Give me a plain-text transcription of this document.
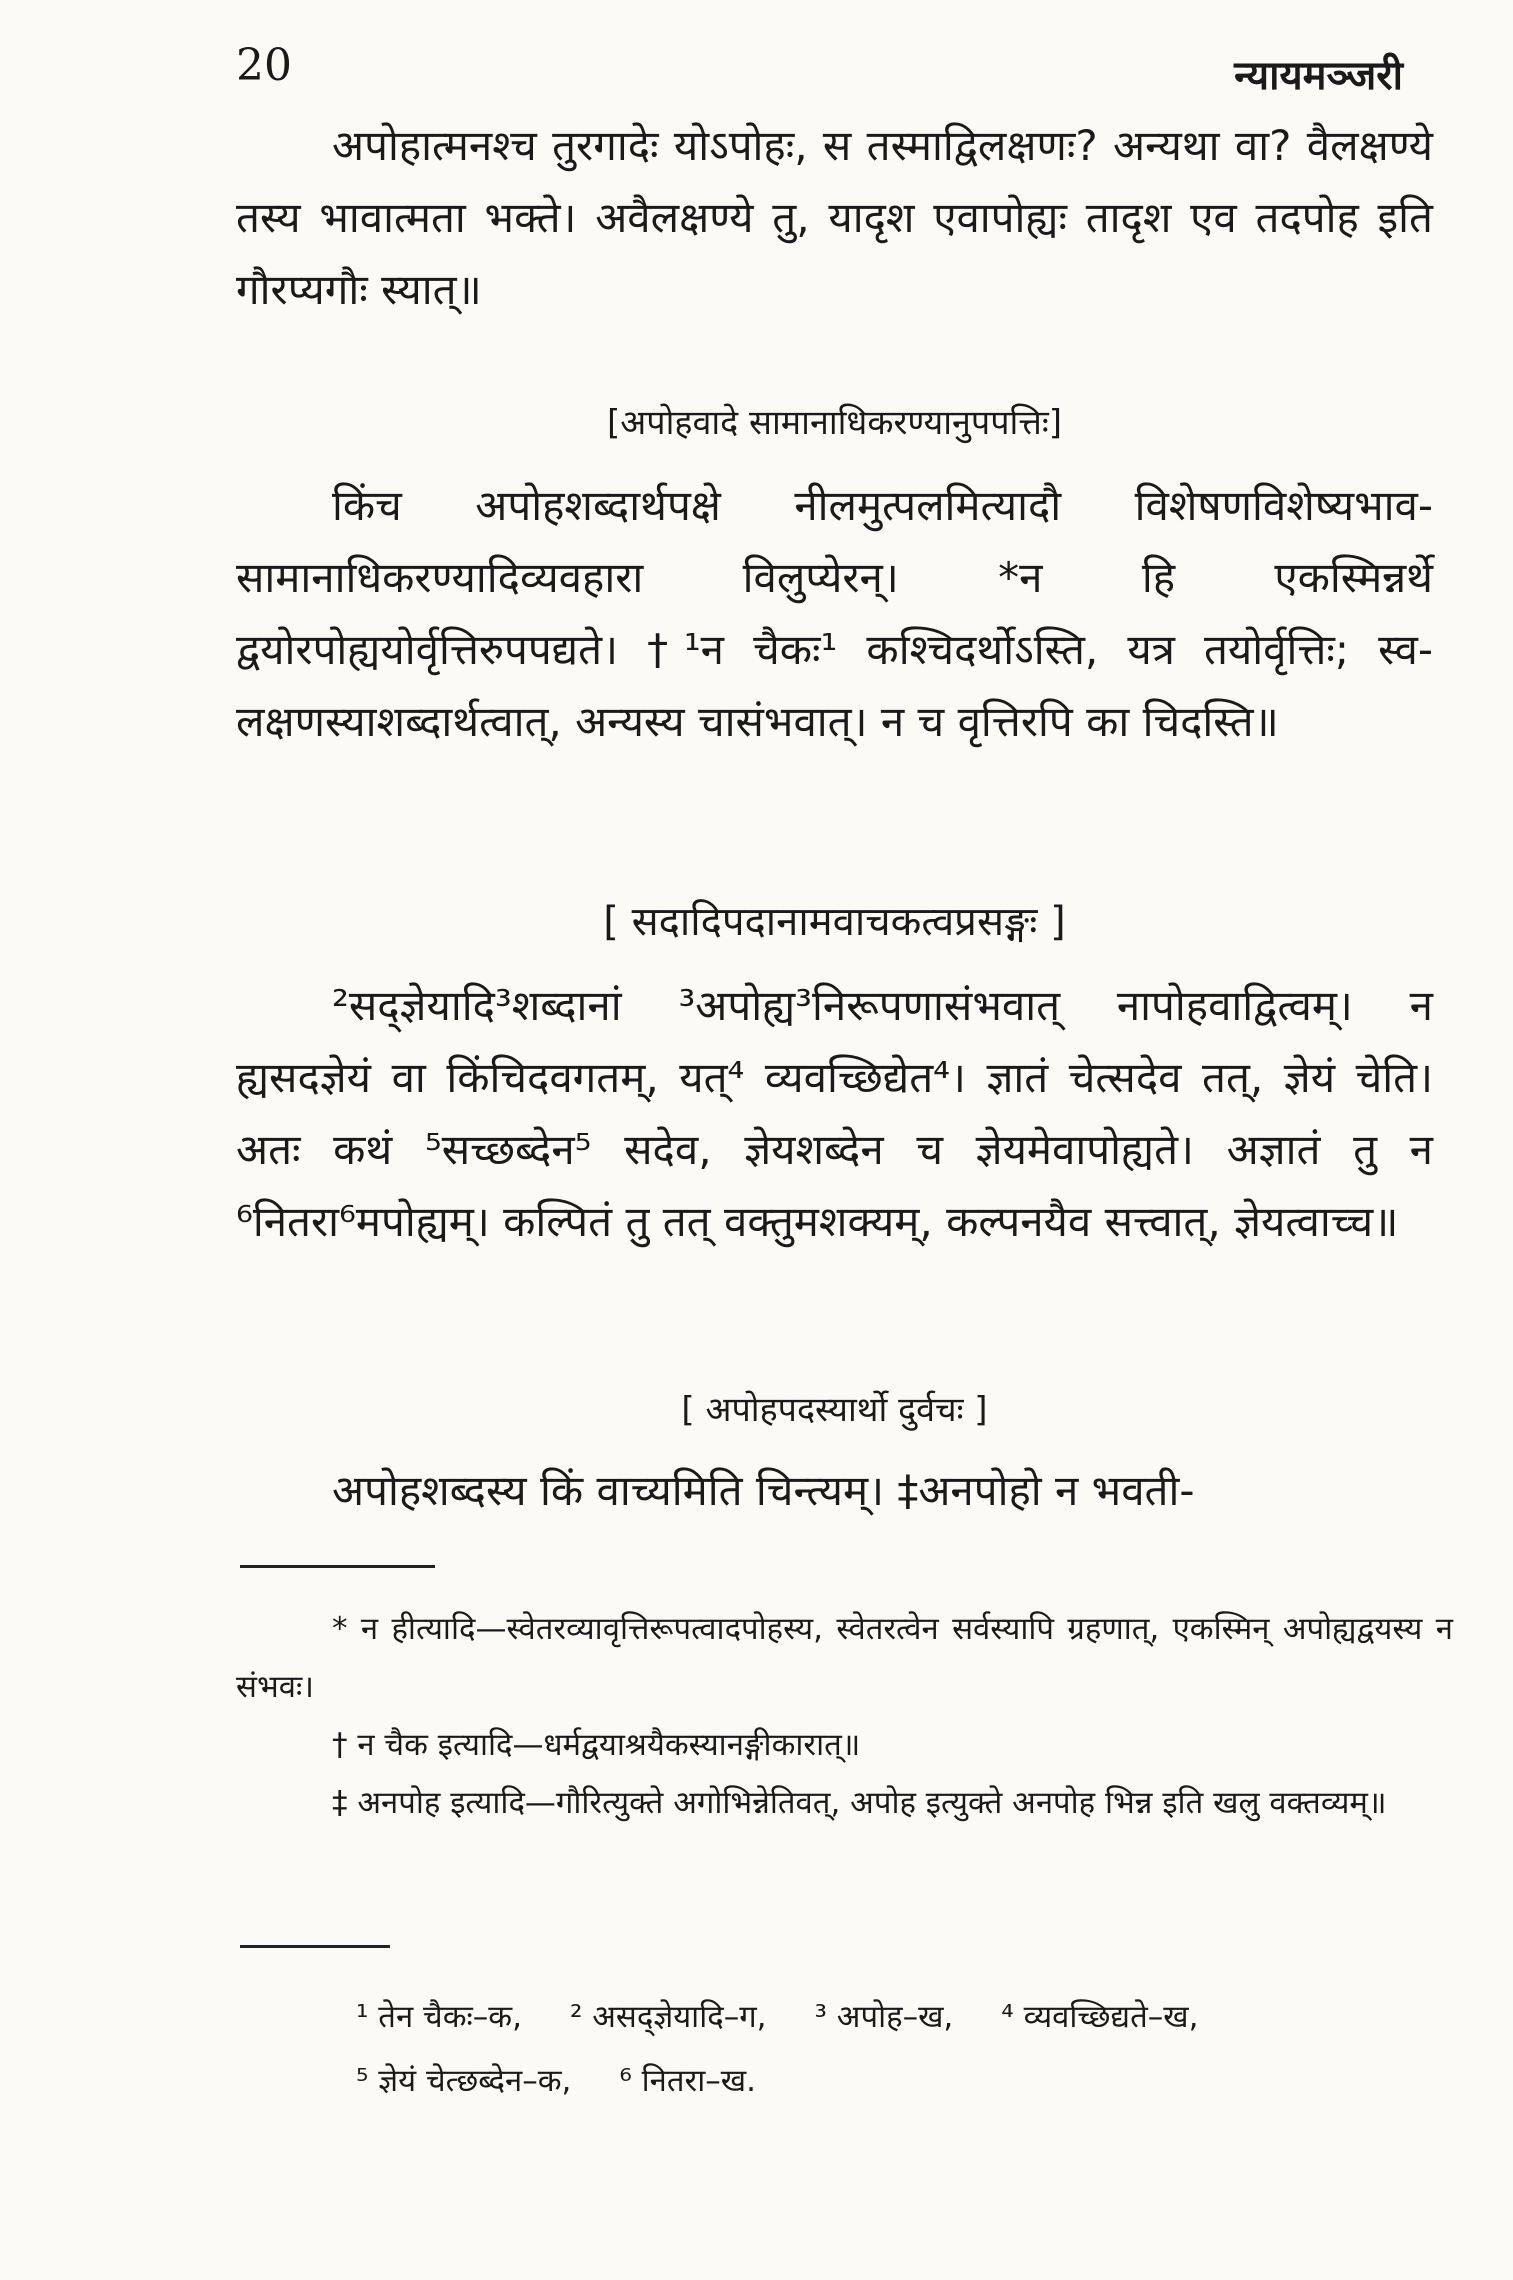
20	न्यायमञ्जरी

अपोहात्मनश्च तुरगादेः योऽपोहः, स तस्माद्विलक्षणः? अन्यथा वा? वैलक्षण्ये तस्य भावात्मता भक्ते। अवैलक्षण्ये तु, यादृश एवापोह्यः तादृश एव तदपोह इति गौरप्यगौः स्यात्॥

[अपोहवादे सामानाधिकरण्यानुपपत्तिः]

किंच अपोहशब्दार्थपक्षे नीलमुत्पलमित्यादौ विशेषणविशेष्यभाव-सामानाधिकरण्यादिव्यवहारा विलुप्येरन्। *न हि एकस्मिन्नर्थे द्वयोरपोह्ययोर्वृत्तिरुपपद्यते। †¹न चैकः¹ कश्चिदर्थोऽस्ति, यत्र तयोर्वृत्तिः; स्व-लक्षणस्याशब्दार्थत्वात्, अन्यस्य चासंभवात्। न च वृत्तिरपि का चिदस्ति॥

[ सदादिपदानामवाचकत्वप्रसङ्गः ]

²सद्ज्ञेयादि³शब्दानां ³अपोह्य³निरूपणासंभवात् नापोहवाद्वित्वम्। न ह्यसदज्ञेयं वा किंचिदवगतम्, यत्⁴ व्यवच्छिद्येत⁴। ज्ञातं चेत्सदेव तत्, ज्ञेयं चेति। अतः कथं ⁵सच्छब्देन⁵ सदेव, ज्ञेयशब्देन च ज्ञेयमेवापोह्यते। अज्ञातं तु न ⁶नितरा⁶मपोह्यम्। कल्पितं तु तत् वक्तुमशक्यम्, कल्पनयैव सत्त्वात्, ज्ञेयत्वाच्च॥

[ अपोहपदस्यार्थो दुर्वचः ]

अपोहशब्दस्य किं वाच्यमिति चिन्त्यम्। ‡अनपोहो न भवती-

* न हीत्यादि—स्वेतरव्यावृत्तिरूपत्वादपोहस्य, स्वेतरत्वेन सर्वस्यापि ग्रहणात्, एकस्मिन् अपोह्यद्वयस्य न संभवः।

† न चैक इत्यादि—धर्मद्वयाश्रयैकस्यानङ्गीकारात्॥

‡ अनपोह इत्यादि—गौरित्युक्ते अगोभिन्नेतिवत्, अपोह इत्युक्ते अनपोह भिन्न इति खलु वक्तव्यम्॥

¹ तेन चैकः–क, ² असद्ज्ञेयादि–ग, ³ अपोह–ख, ⁴ व्यवच्छिद्यते–ख,
⁵ ज्ञेयं चेत्छब्देन–क, ⁶ नितरा–ख.
